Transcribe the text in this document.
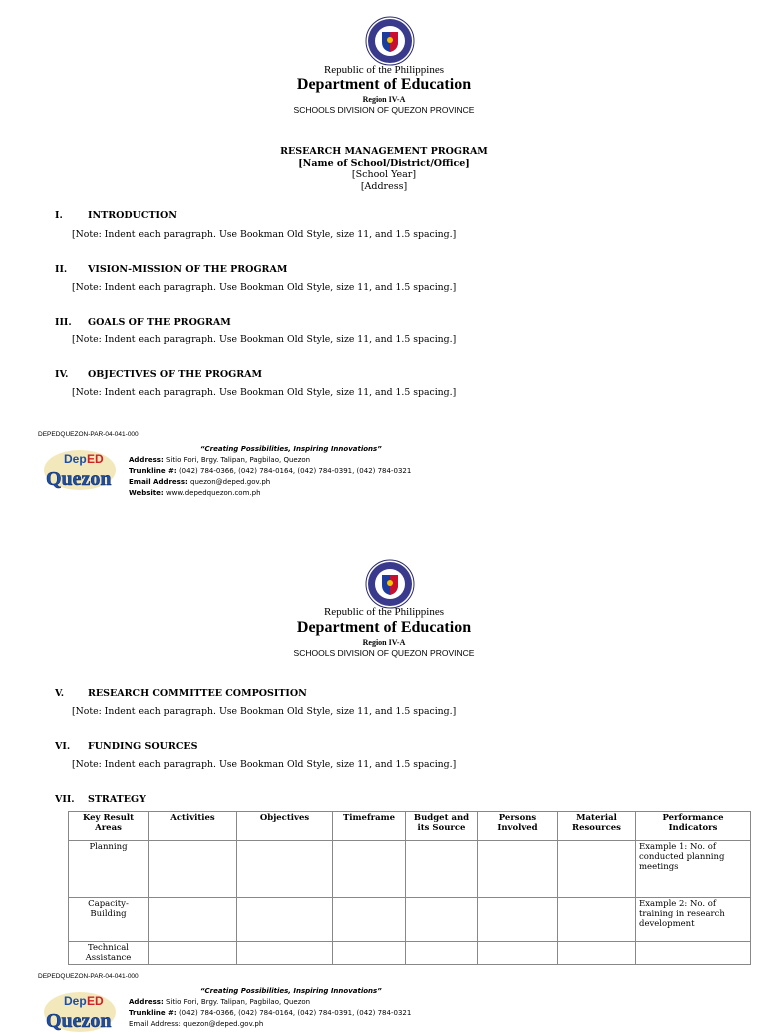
Republic of the Philippines
Department of Education
Region IV-A
SCHOOLS DIVISION OF QUEZON PROVINCE
RESEARCH MANAGEMENT PROGRAM
[Name of School/District/Office]
[School Year]
[Address]
I.	INTRODUCTION
[Note: Indent each paragraph. Use Bookman Old Style, size 11, and 1.5 spacing.]
II. VISION-MISSION OF THE PROGRAM
[Note: Indent each paragraph. Use Bookman Old Style, size 11, and 1.5 spacing.]
III. GOALS OF THE PROGRAM
[Note: Indent each paragraph. Use Bookman Old Style, size 11, and 1.5 spacing.]
IV. OBJECTIVES OF THE PROGRAM
[Note: Indent each paragraph. Use Bookman Old Style, size 11, and 1.5 spacing.]
DEPEDQUEZON-PAR-04-041-000
“Creating Possibilities, Inspiring Innovations”
Dep ED
Quezon
Address: Sitio Fori, Brgy. Talipan, Pagbilao, Quezon
Trunkline #: (042) 784-0366, (042) 784-0164, (042) 784-0391, (042) 784-0321
Email Address: quezon@deped.gov.ph
Website: www.depedquezon.com.ph
Republic of the Philippines
Department of Education
Region IV-A
SCHOOLS DIVISION OF QUEZON PROVINCE
V.	RESEARCH COMMITTEE COMPOSITION
[Note: Indent each paragraph. Use Bookman Old Style, size 11, and 1.5 spacing.]
VI. FUNDING SOURCES
[Note: Indent each paragraph. Use Bookman Old Style, size 11, and 1.5 spacing.]
VII. STRATEGY
Key Result Areas	Activities	Objectives	Timeframe	Budget and its Source	Persons Involved	Material Resources	Performance Indicators
Planning							Example 1: No. of conducted planning meetings
Capacity-Building							Example 2: No. of training in research development
Technical Assistance							
DEPEDQUEZON-PAR-04-041-000
“Creating Possibilities, Inspiring Innovations”
Dep ED
Quezon
Address: Sitio Fori, Brgy. Talipan, Pagbilao, Quezon
Trunkline #: (042) 784-0366, (042) 784-0164, (042) 784-0391, (042) 784-0321
Email Address: quezon@deped.gov.ph
